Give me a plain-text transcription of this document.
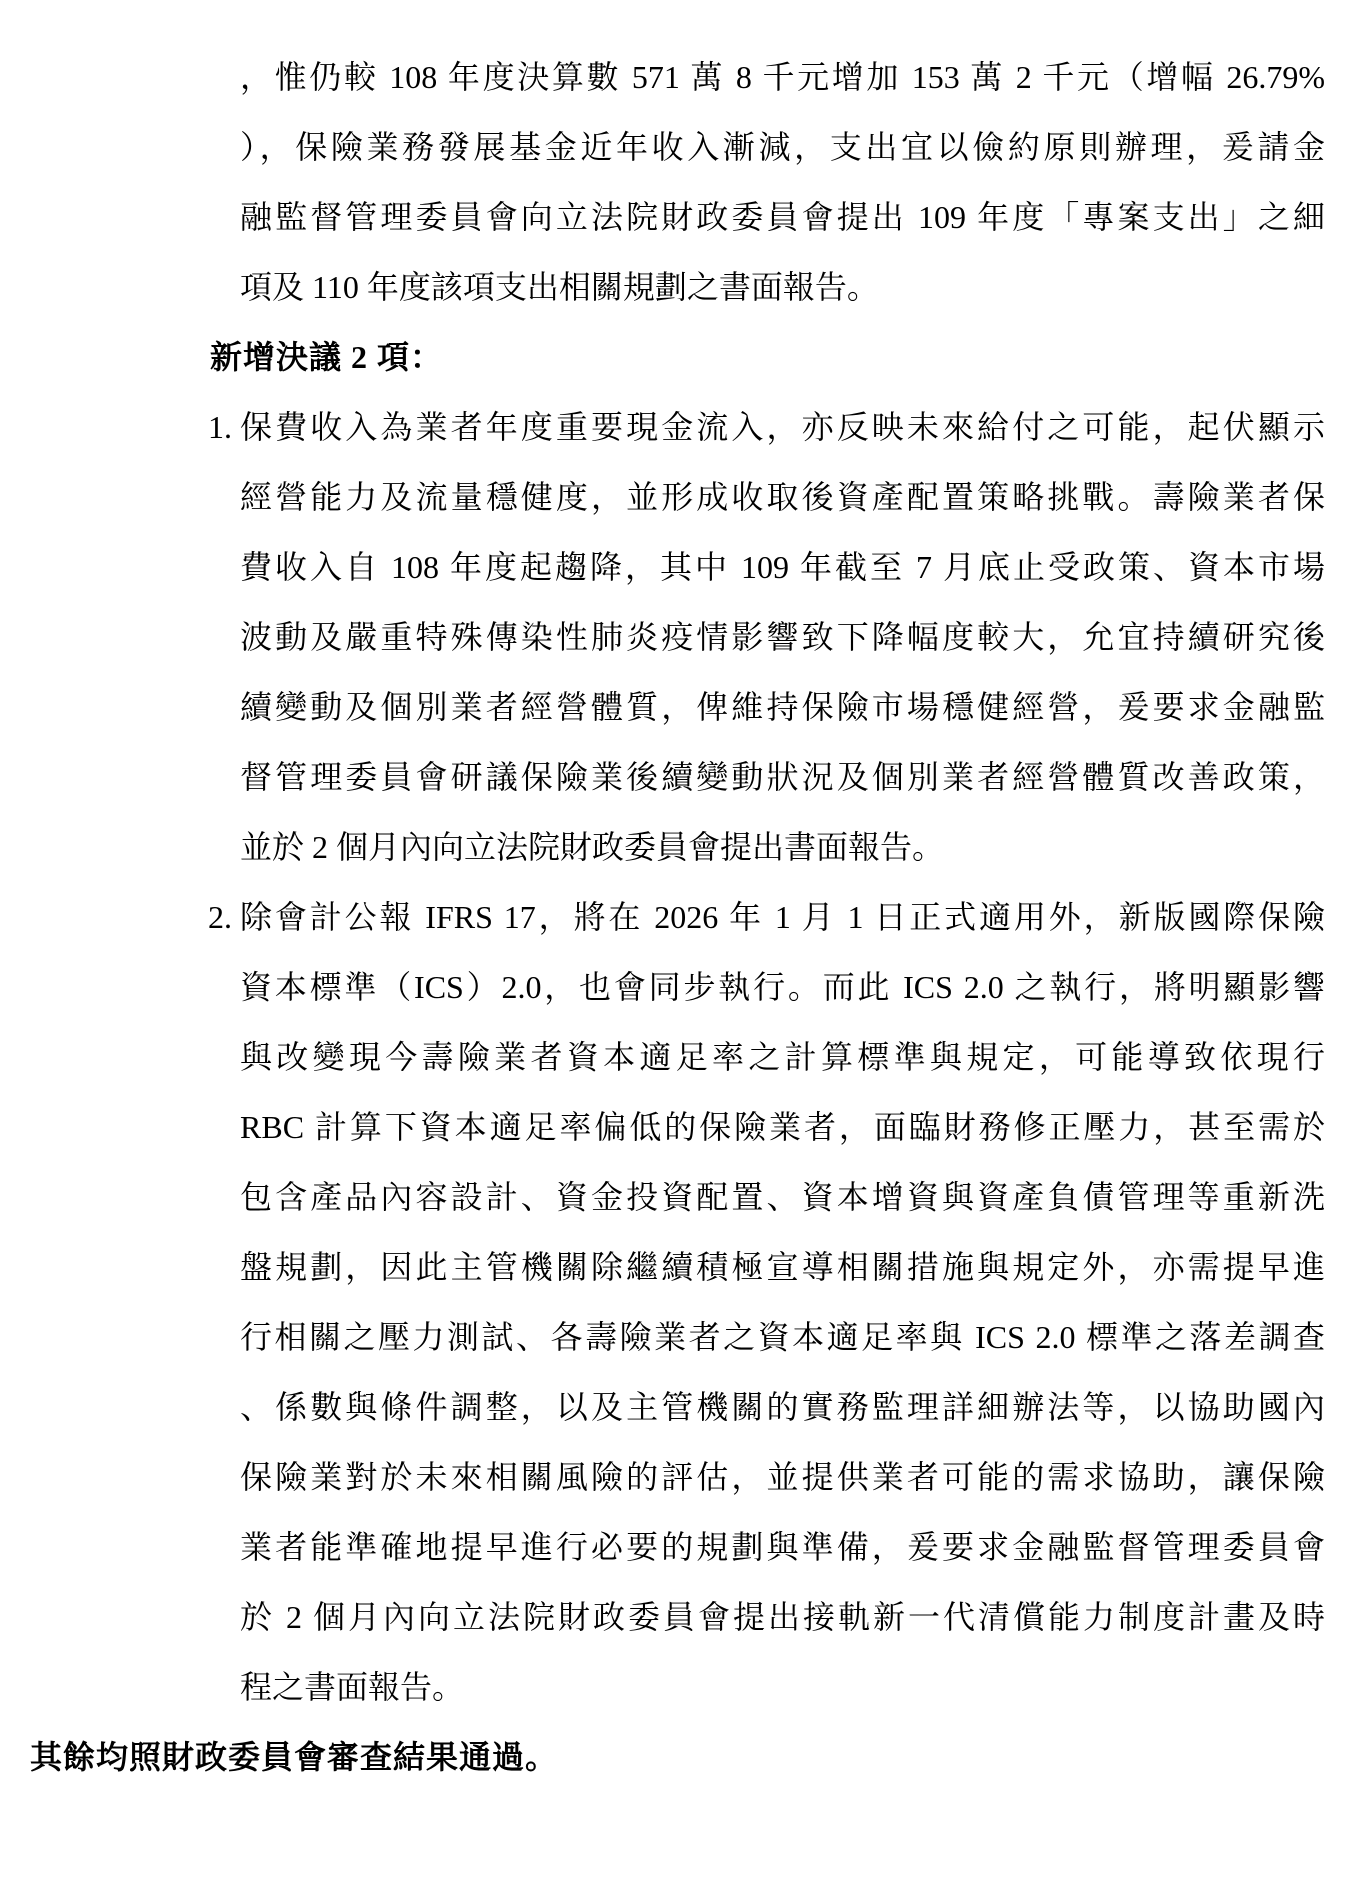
，惟仍較 108 年度決算數 571 萬 8 千元增加 153 萬 2 千元（增幅 26.79%
），保險業務發展基金近年收入漸減，支出宜以儉約原則辦理，爰請金
融監督管理委員會向立法院財政委員會提出 109 年度「專案支出」之細
項及 110 年度該項支出相關規劃之書面報告。
新增決議 2 項：
1. 保費收入為業者年度重要現金流入，亦反映未來給付之可能，起伏顯示
經營能力及流量穩健度，並形成收取後資產配置策略挑戰。壽險業者保
費收入自 108 年度起趨降，其中 109 年截至 7 月底止受政策、資本市場
波動及嚴重特殊傳染性肺炎疫情影響致下降幅度較大，允宜持續研究後
續變動及個別業者經營體質，俾維持保險市場穩健經營，爰要求金融監
督管理委員會研議保險業後續變動狀況及個別業者經營體質改善政策，
並於 2 個月內向立法院財政委員會提出書面報告。
2. 除會計公報 IFRS 17，將在 2026 年 1 月 1 日正式適用外，新版國際保險
資本標準（ICS）2.0，也會同步執行。而此 ICS 2.0 之執行，將明顯影響
與改變現今壽險業者資本適足率之計算標準與規定，可能導致依現行
RBC 計算下資本適足率偏低的保險業者，面臨財務修正壓力，甚至需於
包含產品內容設計、資金投資配置、資本增資與資產負債管理等重新洗
盤規劃，因此主管機關除繼續積極宣導相關措施與規定外，亦需提早進
行相關之壓力測試、各壽險業者之資本適足率與 ICS 2.0 標準之落差調查
、係數與條件調整，以及主管機關的實務監理詳細辦法等，以協助國內
保險業對於未來相關風險的評估，並提供業者可能的需求協助，讓保險
業者能準確地提早進行必要的規劃與準備，爰要求金融監督管理委員會
於 2 個月內向立法院財政委員會提出接軌新一代清償能力制度計畫及時
程之書面報告。
其餘均照財政委員會審查結果通過。
